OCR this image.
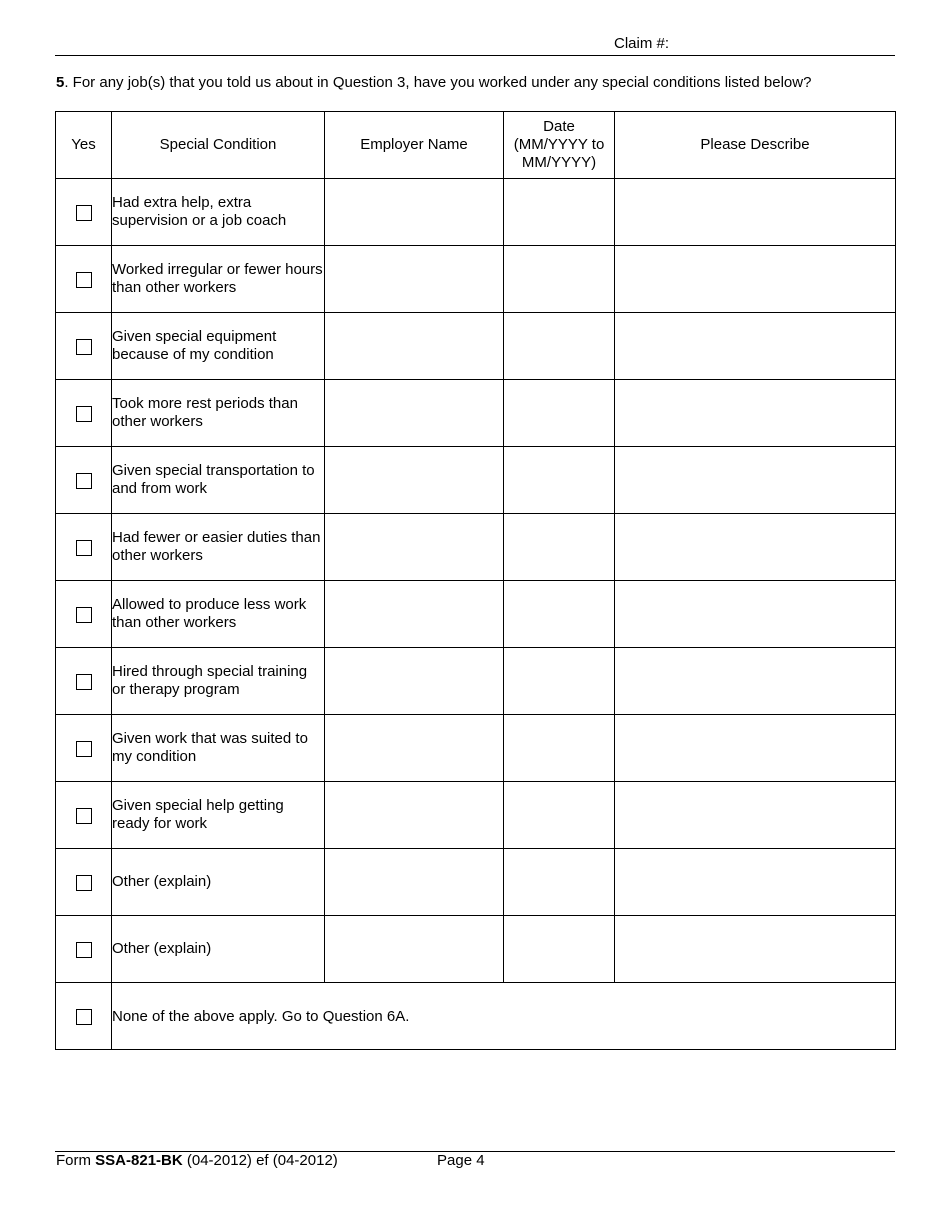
Claim #:
5. For any job(s) that you told us about in Question 3, have you worked under any special conditions listed below?
Yes	Special Condition	Employer Name	Date
(MM/YYYY to
MM/YYYY)	Please Describe
	Had extra help, extra supervision or a job coach			
	Worked irregular or fewer hours than other workers			
	Given special equipment because of my condition			
	Took more rest periods than other workers			
	Given special transportation to and from work			
	Had fewer or easier duties than other workers			
	Allowed to produce less work than other workers			
	Hired through special training or therapy program			
	Given work that was suited to my condition			
	Given special help getting ready for work			
	Other (explain)			
	Other (explain)			
	None of the above apply. Go to Question 6A.			
Form SSA-821-BK (04-2012) ef (04-2012)	Page 4
